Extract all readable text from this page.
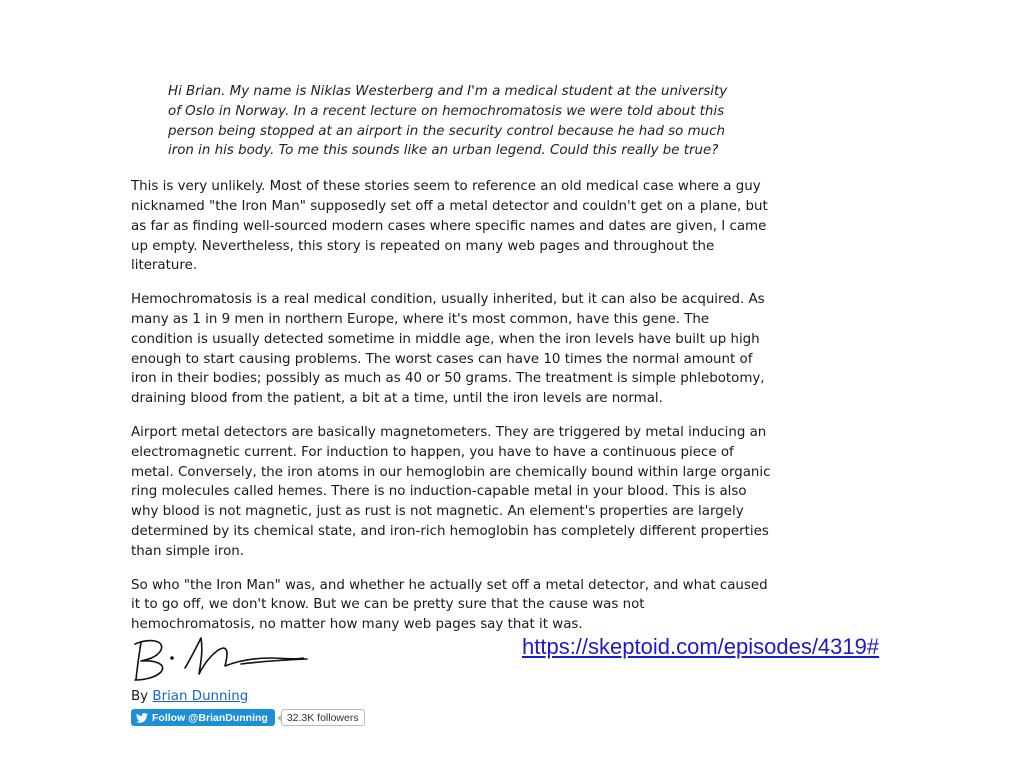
Hi Brian. My name is Niklas Westerberg and I'm a medical student at the university of Oslo in Norway. In a recent lecture on hemochromatosis we were told about this person being stopped at an airport in the security control because he had so much iron in his body. To me this sounds like an urban legend. Could this really be true?

This is very unlikely. Most of these stories seem to reference an old medical case where a guy nicknamed "the Iron Man" supposedly set off a metal detector and couldn't get on a plane, but as far as finding well-sourced modern cases where specific names and dates are given, I came up empty. Nevertheless, this story is repeated on many web pages and throughout the literature.

Hemochromatosis is a real medical condition, usually inherited, but it can also be acquired. As many as 1 in 9 men in northern Europe, where it's most common, have this gene. The condition is usually detected sometime in middle age, when the iron levels have built up high enough to start causing problems. The worst cases can have 10 times the normal amount of iron in their bodies; possibly as much as 40 or 50 grams. The treatment is simple phlebotomy, draining blood from the patient, a bit at a time, until the iron levels are normal.

Airport metal detectors are basically magnetometers. They are triggered by metal inducing an electromagnetic current. For induction to happen, you have to have a continuous piece of metal. Conversely, the iron atoms in our hemoglobin are chemically bound within large organic ring molecules called hemes. There is no induction-capable metal in your blood. This is also why blood is not magnetic, just as rust is not magnetic. An element's properties are largely determined by its chemical state, and iron-rich hemoglobin has completely different properties than simple iron.

So who "the Iron Man" was, and whether he actually set off a metal detector, and what caused it to go off, we don't know. But we can be pretty sure that the cause was not hemochromatosis, no matter how many web pages say that it was.

By Brian Dunning
Follow @BrianDunning	32.3K followers
https://skeptoid.com/episodes/4319#
